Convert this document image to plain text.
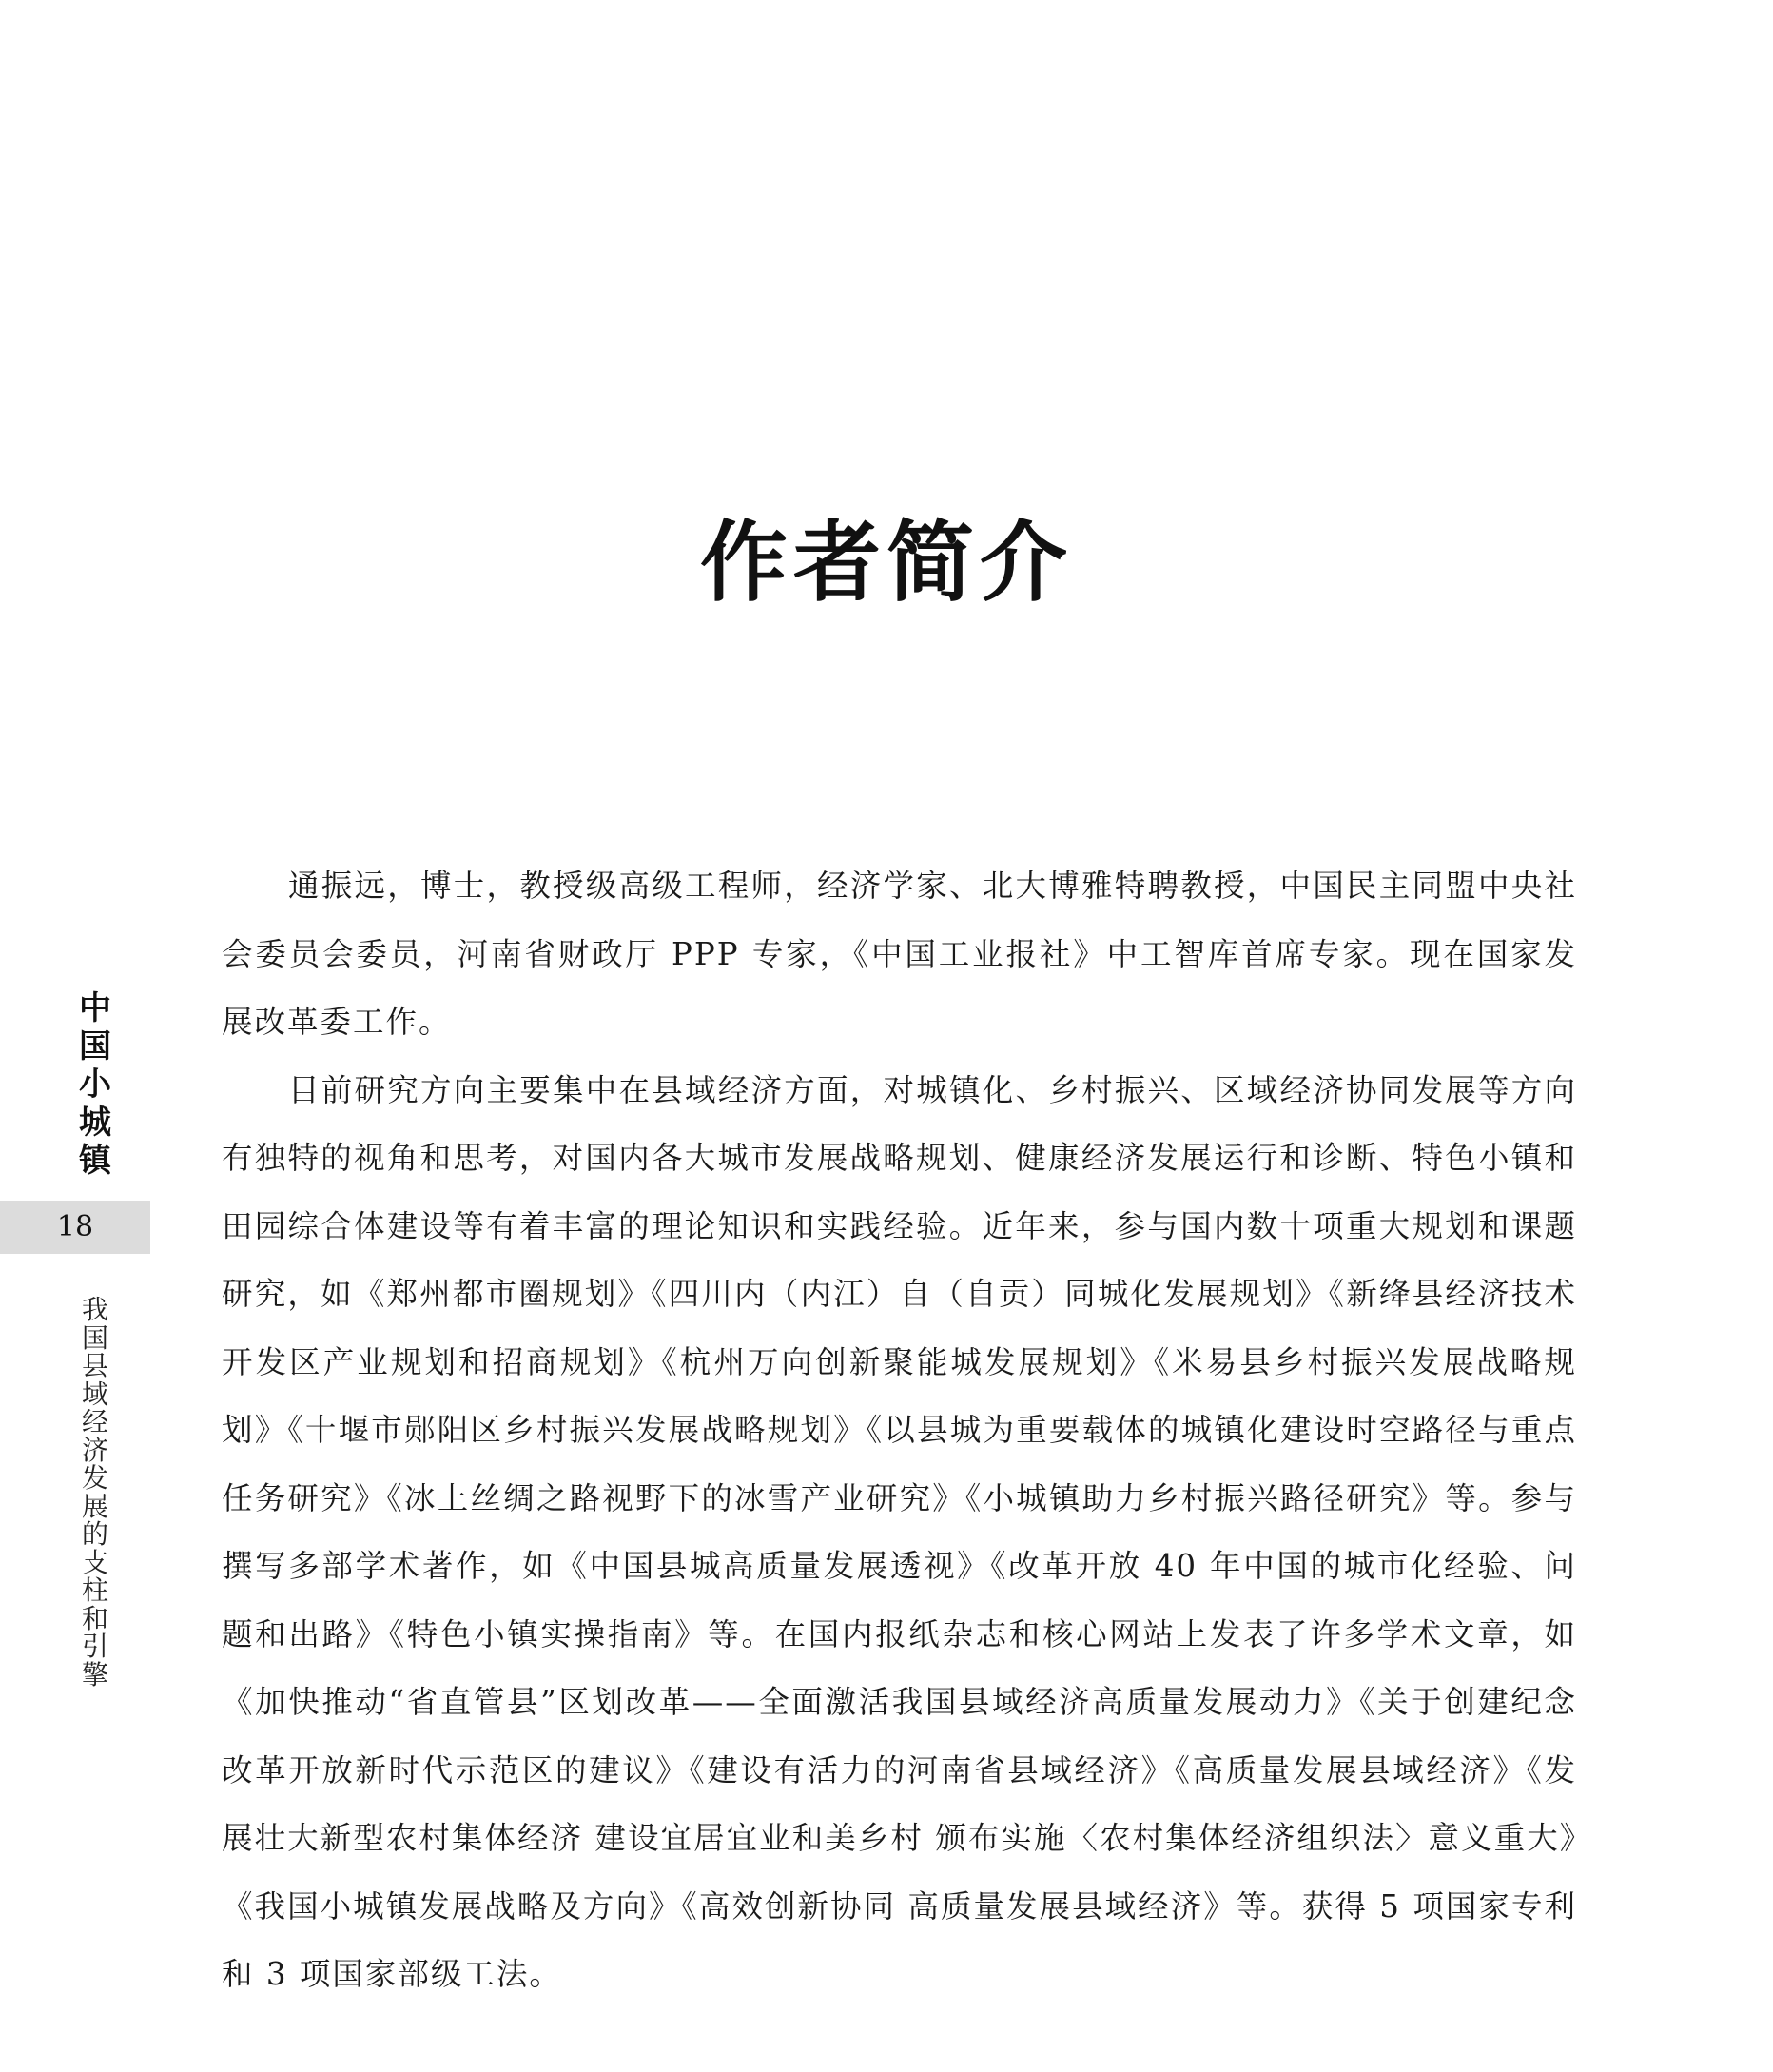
作者简介
中国小城镇
18
我国县域经济发展的支柱和引擎

通振远，博士，教授级高级工程师，经济学家、北大博雅特聘教授，中国民主同盟中央社会委员会委员，河南省财政厅 PPP 专家，《中国工业报社》中工智库首席专家。现在国家发展改革委工作。

目前研究方向主要集中在县域经济方面，对城镇化、乡村振兴、区域经济协同发展等方向有独特的视角和思考，对国内各大城市发展战略规划、健康经济发展运行和诊断、特色小镇和田园综合体建设等有着丰富的理论知识和实践经验。近年来，参与国内数十项重大规划和课题研究，如《郑州都市圈规划》《四川内（内江）自（自贡）同城化发展规划》《新绛县经济技术开发区产业规划和招商规划》《杭州万向创新聚能城发展规划》《米易县乡村振兴发展战略规划》《十堰市郧阳区乡村振兴发展战略规划》《以县城为重要载体的城镇化建设时空路径与重点任务研究》《冰上丝绸之路视野下的冰雪产业研究》《小城镇助力乡村振兴路径研究》等。参与撰写多部学术著作，如《中国县城高质量发展透视》《改革开放 40 年中国的城市化经验、问题和出路》《特色小镇实操指南》等。在国内报纸杂志和核心网站上发表了许多学术文章，如《加快推动“省直管县”区划改革——全面激活我国县域经济高质量发展动力》《关于创建纪念改革开放新时代示范区的建议》《建设有活力的河南省县域经济》《高质量发展县域经济》《发展壮大新型农村集体经济 建设宜居宜业和美乡村 颁布实施〈农村集体经济组织法〉意义重大》《我国小城镇发展战略及方向》《高效创新协同 高质量发展县域经济》等。获得 5 项国家专利和 3 项国家部级工法。
